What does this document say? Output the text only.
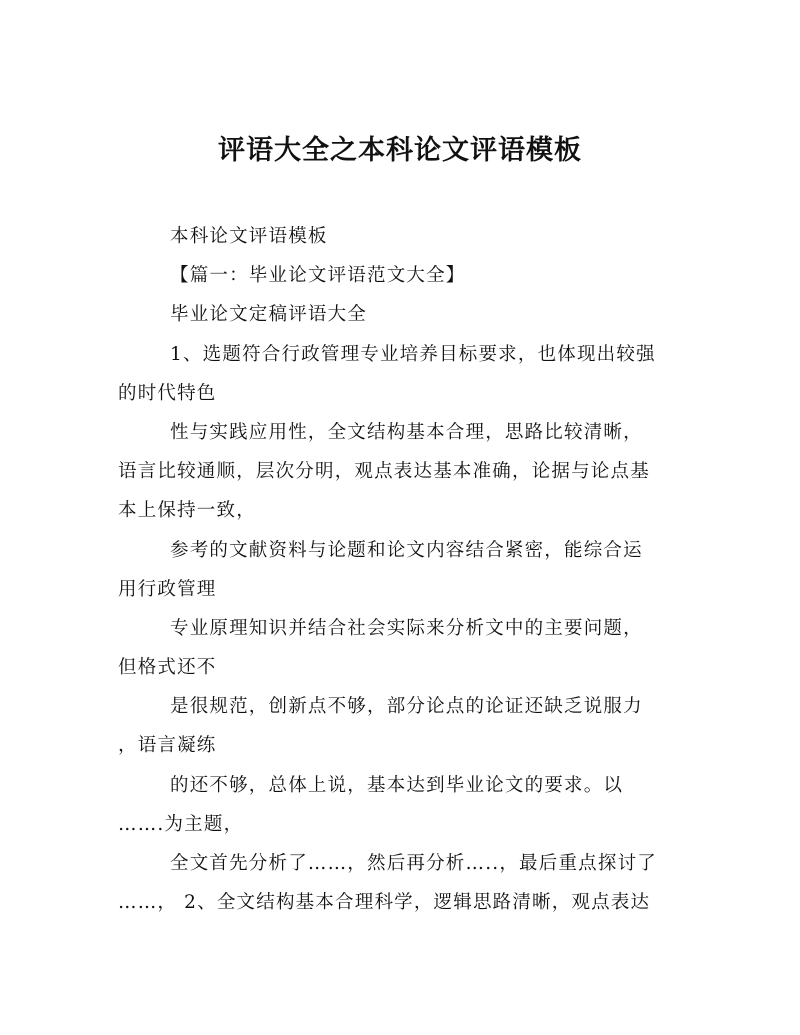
评语大全之本科论文评语模板
本科论文评语模板
【篇一：毕业论文评语范文大全】
毕业论文定稿评语大全
1、选题符合行政管理专业培养目标要求，也体现出较强
的时代特色
性与实践应用性，全文结构基本合理，思路比较清晰，
语言比较通顺，层次分明，观点表达基本准确，论据与论点基
本上保持一致，
参考的文献资料与论题和论文内容结合紧密，能综合运
用行政管理
专业原理知识并结合社会实际来分析文中的主要问题，
但格式还不
是很规范，创新点不够，部分论点的论证还缺乏说服力
，语言凝练
的还不够，总体上说，基本达到毕业论文的要求。以
…….为主题，
全文首先分析了……，然后再分析…..，最后重点探讨了
……， 2、全文结构基本合理科学，逻辑思路清晰，观点表达
